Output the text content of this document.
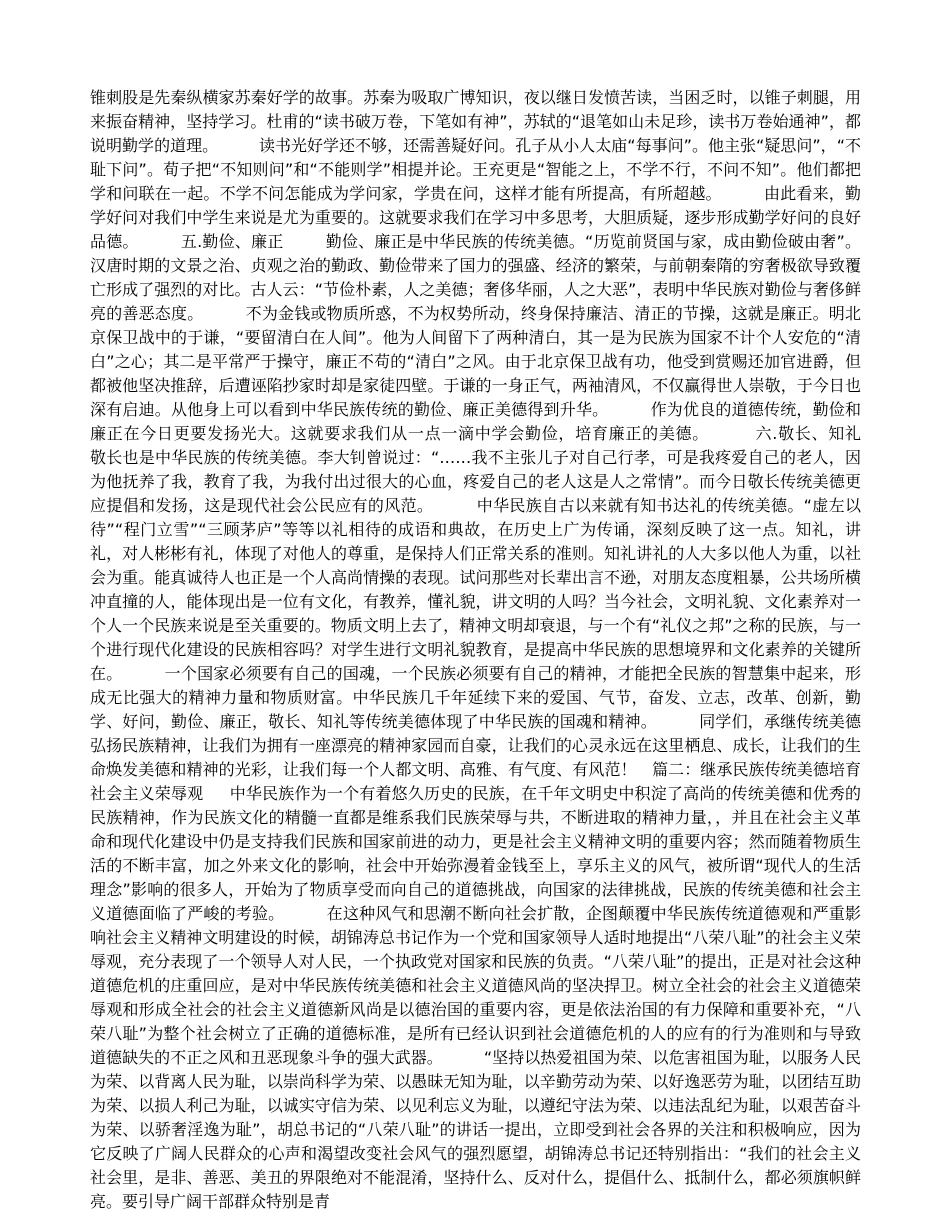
锥刺股是先秦纵横家苏秦好学的故事。苏秦为吸取广博知识，夜以继日发愤苦读，当困乏时，以锥子刺腿，用来振奋精神，坚持学习。杜甫的“读书破万卷，下笔如有神”，苏轼的“退笔如山未足珍，读书万卷始通神”，都说明勤学的道理。        读书光好学还不够，还需善疑好问。孔子从小人太庙“每事问”。他主张“疑思问”，“不耻下问”。荀子把“不知则问”和“不能则学”相提并论。王充更是“智能之上，不学不行，不问不知”。他们都把学和问联在一起。不学不问怎能成为学问家，学贵在问，这样才能有所提高，有所超越。        由此看来，勤学好问对我们中学生来说是尤为重要的。这就要求我们在学习中多思考，大胆质疑，逐步形成勤学好问的良好品德。        五.勤俭、廉正        勤俭、廉正是中华民族的传统美德。“历览前贤国与家，成由勤俭破由奢”。汉唐时期的文景之治、贞观之治的勤政、勤俭带来了国力的强盛、经济的繁荣，与前朝秦隋的穷奢极欲导致覆亡形成了强烈的对比。古人云：“节俭朴素，人之美德；奢侈华丽，人之大恶”，表明中华民族对勤俭与奢侈鲜亮的善恶态度。        不为金钱或物质所惑，不为权势所动，终身保持廉洁、清正的节操，这就是廉正。明北京保卫战中的于谦，“要留清白在人间”。他为人间留下了两种清白，其一是为民族为国家不计个人安危的“清白”之心；其二是平常严于操守，廉正不苟的“清白”之风。由于北京保卫战有功，他受到赏赐还加官进爵，但都被他坚决推辞，后遭诬陷抄家时却是家徒四壁。于谦的一身正气，两袖清风，不仅赢得世人崇敬，于今日也深有启迪。从他身上可以看到中华民族传统的勤俭、廉正美德得到升华。        作为优良的道德传统，勤俭和廉正在今日更要发扬光大。这就要求我们从一点一滴中学会勤俭，培育廉正的美德。        六.敬长、知礼        敬长也是中华民族的传统美德。李大钊曾说过：“……我不主张儿子对自己行孝，可是我疼爱自己的老人，因为他抚养了我，教育了我，为我付出过很大的心血，疼爱自己的老人这是人之常情”。而今日敬长传统美德更应提倡和发扬，这是现代社会公民应有的风范。        中华民族自古以来就有知书达礼的传统美德。“虚左以待”“程门立雪”“三顾茅庐”等等以礼相待的成语和典故，在历史上广为传诵，深刻反映了这一点。知礼，讲礼，对人彬彬有礼，体现了对他人的尊重，是保持人们正常关系的准则。知礼讲礼的人大多以他人为重，以社会为重。能真诚待人也正是一个人高尚情操的表现。试问那些对长辈出言不逊，对朋友态度粗暴，公共场所横冲直撞的人，能体现出是一位有文化，有教养，懂礼貌，讲文明的人吗？当今社会，文明礼貌、文化素养对一个人一个民族来说是至关重要的。物质文明上去了，精神文明却衰退，与一个有“礼仪之邦”之称的民族，与一个进行现代化建设的民族相容吗？对学生进行文明礼貌教育，是提高中华民族的思想境界和文化素养的关键所在。        一个国家必须要有自己的国魂，一个民族必须要有自己的精神，才能把全民族的智慧集中起来，形成无比强大的精神力量和物质财富。中华民族几千年延续下来的爱国、气节，奋发、立志，改革、创新，勤学、好问，勤俭、廉正，敬长、知礼等传统美德体现了中华民族的国魂和精神。        同学们，承继传统美德弘扬民族精神，让我们为拥有一座漂亮的精神家园而自豪，让我们的心灵永远在这里栖息、成长，让我们的生命焕发美德和精神的光彩，让我们每一个人都文明、高雅、有气度、有风范！   篇二：继承民族传统美德培育社会主义荣辱观     中华民族作为一个有着悠久历史的民族，在千年文明史中积淀了高尚的传统美德和优秀的民族精神，作为民族文化的精髓一直都是维系我们民族荣辱与共，不断进取的精神力量，，并且在社会主义革命和现代化建设中仍是支持我们民族和国家前进的动力，更是社会主义精神文明的重要内容；然而随着物质生活的不断丰富，加之外来文化的影响，社会中开始弥漫着金钱至上，享乐主义的风气，被所谓“现代人的生活理念”影响的很多人，开始为了物质享受而向自己的道德挑战，向国家的法律挑战，民族的传统美德和社会主义道德面临了严峻的考验。        在这种风气和思潮不断向社会扩散，企图颠覆中华民族传统道德观和严重影响社会主义精神文明建设的时候，胡锦涛总书记作为一个党和国家领导人适时地提出“八荣八耻”的社会主义荣辱观，充分表现了一个领导人对人民，一个执政党对国家和民族的负责。“八荣八耻”的提出，正是对社会这种道德危机的庄重回应，是对中华民族传统美德和社会主义道德风尚的坚决捍卫。树立全社会的社会主义道德荣辱观和形成全社会的社会主义道德新风尚是以德治国的重要内容，更是依法治国的有力保障和重要补充，“八荣八耻”为整个社会树立了正确的道德标准，是所有已经认识到社会道德危机的人的应有的行为准则和与导致道德缺失的不正之风和丑恶现象斗争的强大武器。        “坚持以热爱祖国为荣、以危害祖国为耻，以服务人民为荣、以背离人民为耻，以崇尚科学为荣、以愚昧无知为耻，以辛勤劳动为荣、以好逸恶劳为耻，以团结互助为荣、以损人利己为耻，以诚实守信为荣、以见利忘义为耻，以遵纪守法为荣、以违法乱纪为耻，以艰苦奋斗为荣、以骄奢淫逸为耻”，胡总书记的“八荣八耻”的讲话一提出，立即受到社会各界的关注和积极响应，因为它反映了广阔人民群众的心声和渴望改变社会风气的强烈愿望，胡锦涛总书记还特别指出：“我们的社会主义社会里，是非、善恶、美丑的界限绝对不能混淆，坚持什么、反对什么，提倡什么、抵制什么，都必须旗帜鲜亮。要引导广阔干部群众特别是青
